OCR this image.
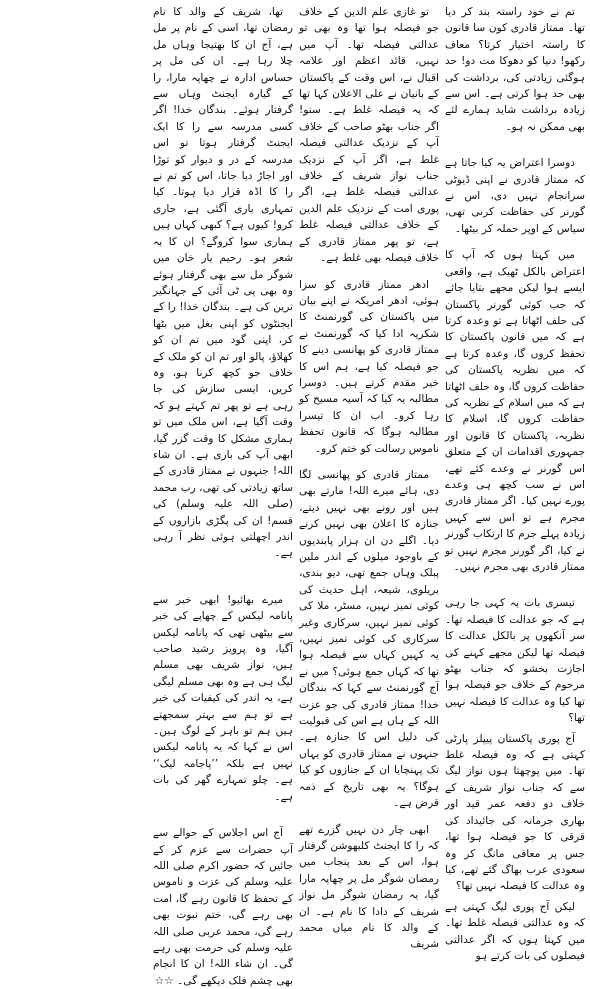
تم نے خود راستہ بند کر دیا تھا۔ ممتاز قادری کون سا قانون کا راستہ اختیار کرتا؟ معاف رکھو! دنیا کو دھوکا مت دو! حد ہوگئی زیادتی کی، برداشت کی بھی حد ہوا کرتی ہے۔ اس سے زیادہ برداشت شاید ہمارے لئے بھی ممکن نہ ہو۔

دوسرا اعتراض یہ کیا جاتا ہے کہ ممتاز قادری نے اپنی ڈیوٹی سرانجام نہیں دی، اس نے گورنر کی حفاظت کرنی تھی، سیاس کے اوپر حملہ کر بیٹھا۔

میں کہتا ہوں کہ آپ کا اعتراض بالکل ٹھیک ہے، واقعی ایسے ہوا لیکن مجھے بتایا جائے کہ جب کوئی گورنر پاکستان کی حلف اٹھاتا ہے تو وعدہ کرتا ہے کہ میں قانون پاکستان کا تحفظ کروں گا، وعدہ کرتا ہے کہ میں نظریہ پاکستان کی حفاظت کروں گا، وہ حلف اٹھاتا ہے کہ میں اسلام کے نظریہ کی حفاظت کروں گا، اسلام کا نظریہ، پاکستان کا قانون اور جمہوری اقدامات ان کے متعلق اس گورنر نے وعدے کئے تھے، اس نے سب کچھ ہی وعدے پورے نہیں کیا۔ اگر ممتاز قادری مجرم ہے تو اس سے کہیں زیادہ پہلے جرم کا ارتکاب گورنر نے کیا، اگر گورنر مجرم نہیں تو ممتاز قادری بھی مجرم نہیں۔

تیسری بات یہ کہی جا رہی ہے کہ جو عدالت کا فیصلہ تھا۔ سر آنکھوں پر بالکل عدالت کا فیصلہ تھا لیکن مجھے کہنے کی اجازت بخشو کہ جناب بھٹو مرحوم کے خلاف جو فیصلہ ہوا تھا کیا وہ عدالت کا فیصلہ نہیں تھا؟

آج پوری پاکستان پیپلز پارٹی کہتی ہے کہ وہ فیصلہ غلط تھا۔ میں پوچھتا ہوں نواز لیگ سے کہ جناب نواز شریف کے خلاف دو دفعہ عمر قید اور بھاری جرمانہ کی جائیداد کی قرقی کا جو فیصلہ ہوا تھا، جس پر معافی مانگ کر وہ سعودی عرب بھاگ گئے تھے، کیا وہ عدالت کا فیصلہ نہیں تھا؟

لیکن آج پوری لیگ کہتی ہے کہ وہ عدالتی فیصلہ غلط تھا۔ میں کہتا ہوں کہ اگر عدالتی فیصلوں کی بات کرتے ہو

تو غازی علم الدین کے خلاف جو فیصلہ ہوا تھا وہ بھی تو عدالتی فیصلہ تھا۔ آپ میں نہیں، قائد اعظم اور علامہ اقبال نے، اس وقت کے پاکستان کے بانیان نے علی الاعلان کہا تھا کہ یہ فیصلہ غلط ہے۔ سنو! اگر جناب بھٹو صاحب کے خلاف آپ کے نزدیک عدالتی فیصلہ غلط ہے، اگر آپ کے نزدیک جناب نواز شریف کے خلاف عدالتی فیصلہ غلط ہے، اگر پوری امت کے نزدیک علم الدین کے خلاف عدالتی فیصلہ غلط ہے، تو پھر ممتاز قادری کے خلاف فیصلہ بھی غلط ہے۔

ادھر ممتاز قادری کو سزا ہوئی، ادھر امریکہ نے اپنے بیان میں پاکستان کی گورنمنٹ کا شکریہ ادا کیا کہ گورنمنٹ نے ممتاز قادری کو پھانسی دینے کا جو فیصلہ کیا ہے، ہم اس کا خیر مقدم کرتے ہیں۔ دوسرا مطالبہ یہ کیا کہ آسیہ مسیح کو رہا کرو۔ اب ان کا تیسرا مطالبہ ہوگا کہ قانون تحفظ ناموس رسالت کو ختم کرو۔

ممتاز قادری کو پھانسی لگا دی، ہائے میرے اللہ! مارتے بھی ہیں اور رونے بھی نہیں دیتے، جنازہ کا اعلان بھی نہیں کرنے دیا۔ اگلے دن ان ہزار پابندیوں کے باوجود میلوں کے اندر ملین پبلک وہاں جمع تھی، دیو بندی، بریلوی، شیعہ، اہل حدیث کی کوئی تمیز نہیں، مسٹر، ملا کی کوئی تمیز نہیں، سرکاری وغیر سرکاری کی کوئی تمیز نہیں، یہ کہیں کہاں سے فیصلہ ہوا تھا کہ کہاں جمع ہوئی؟ میں نے آج گورنمنٹ سے کہا کہ بندگان خدا! ممتاز قادری کی جو عزت اللہ کے ہاں ہے اس کی قبولیت کی دلیل اس کا جنازہ ہے۔ جنہوں نے ممتاز قادری کو یہاں تک پہنچایا ان کے جنازوں کو کیا ہوگا؟ یہ بھی تاریخ کے ذمہ قرض ہے۔

ابھی چار دن نہیں گزرے تھے کہ را کا ایجنٹ کلبھوشن گرفتار ہوا، اس کے بعد پنجاب میں رمضان شوگر مل پر چھاپہ مارا گیا، یہ رمضان شوگر مل نواز شریف کے دادا کا نام ہے۔ ان کے والد کا نام میاں محمد شریف

تھا، شریف کے والد کا نام رمضان تھا، اسی کے نام پر مل ہے، آج ان کا بھتیجا وہاں مل چلا رہا ہے۔ ان کی مل پر حساس ادارہ نے چھاپہ مارا، را کے گیارہ ایجنٹ وہاں سے گرفتار ہوئے۔ بندگان خدا! اگر کسی مدرسہ سے را کا ایک ایجنٹ گرفتار ہوتا تو اس مدرسہ کے در و دیوار کو توڑا اور اجاڑ دیا جاتا، اس کو تم نے را کا اڈہ قرار دیا ہوتا۔ کیا تمہاری باری آگئی ہے، جاری کرو! کیوں ہے؟ کبھی کہاں ہیں ہماری سوا کروگے؟ ان کا یہ شعر ہو۔ رحیم یار خان میں شوگر مل سے بھی گرفتار ہوئے وہ بھی پی ٹی آئی کے جہانگیر ترین کی ہے۔ بندگان خدا! را کے ایجنٹوں کو اپنی بغل میں بٹھا کر، اپنی گود میں تم ان کو کھلاؤ، پالو اور تم ان کو ملک کے خلاف جو کچھ کرنا ہو، وہ کریں، ایسی سازش کی جا رہی ہے تو پھر تم کہتے ہو کہ وقت آگیا ہے، اس ملک میں تو ہماری مشکل کا وقت گزر گیا، ابھی آپ کی باری ہے۔ ان شاء اللہ! جنہوں نے ممتاز قادری کے ساتھ زیادتی کی تھی، رب محمد (صلی اللہ علیہ وسلم) کی قسم! ان کی پگڑی بازاروں کے اندر اچھلتی ہوئی نظر آ رہی ہے۔

میرے بھائیو! ابھی خیر سے پانامہ لیکس کے چھاپے کی خبر سے بیٹھی تھی کہ پانامہ لیکس آگیا، وہ پرویز رشید صاحب ہیں، نواز شریف بھی مسلم لیگ ہی ہے وہ بھی مسلم لیگی ہے، یہ اندر کی کیفیات کی خبر ہے تو ہم سے بہتر سمجھتے ہیں ہم تو باہر کے لوگ ہیں۔ اس نے کہا کہ یہ پانامہ لیکس نہیں ہے بلکہ ’’پاجامہ لیک‘‘ ہے۔ چلو تمہارے گھر کی بات ہے۔

آج اس اجلاس کے حوالے سے آپ حضرات سے عزم کر کے جائیں کہ حضور اکرم صلی اللہ علیہ وسلم کی عزت و ناموس کے تحفظ کا قانون رہے گا، امت بھی رہے گی، ختم نبوت بھی رہے گی، محمد عربی صلی اللہ علیہ وسلم کی حرمت بھی رہے گی۔ ان شاء اللہ! ان کا انجام بھی چشم فلک دیکھے گی۔ ☆☆
